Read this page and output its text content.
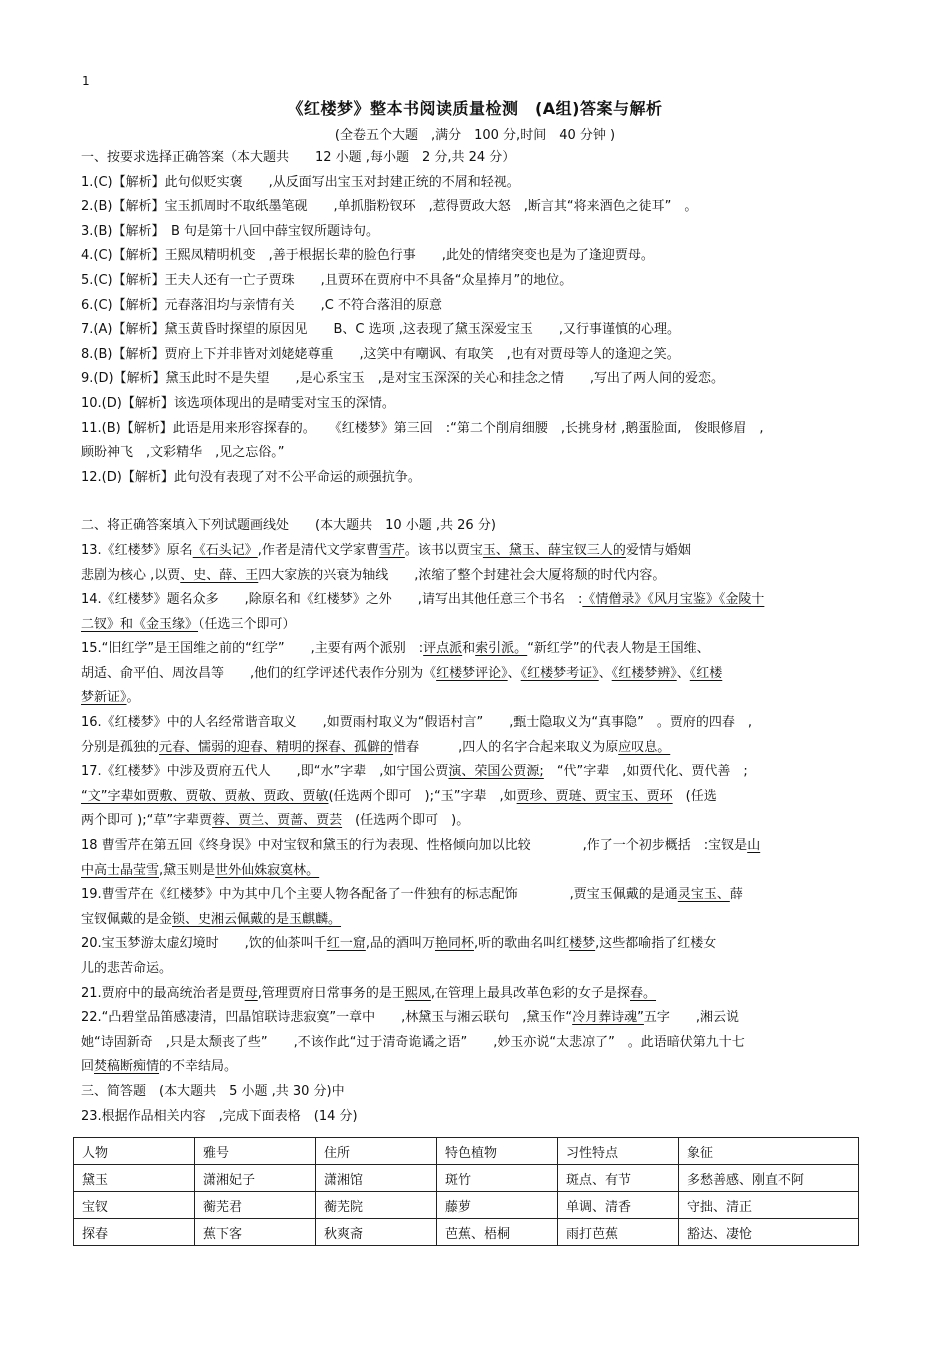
1
《红楼梦》整本书阅读质量检测　(A组)答案与解析
(全卷五个大题　,满分　100 分,时间　40 分钟 )
一、按要求选择正确答案（本大题共　　12 小题 ,每小题　2 分,共 24 分）
1.(C)【解析】此句似贬实褒　　,从反面写出宝玉对封建正统的不屑和轻视。
2.(B)【解析】宝玉抓周时不取纸墨笔砚　　,单抓脂粉钗环　,惹得贾政大怒　,断言其“将来酒色之徒耳”　。
3.(B)【解析】　B 句是第十八回中薛宝钗所题诗句。
4.(C)【解析】王熙凤精明机变　,善于根据长辈的脸色行事　　,此处的情绪突变也是为了逢迎贾母。
5.(C)【解析】王夫人还有一亡子贾珠　　,且贾环在贾府中不具备“众星捧月”的地位。
6.(C)【解析】元春落泪均与亲情有关　　,C 不符合落泪的原意
7.(A)【解析】黛玉黄昏时探望的原因见　　B、C 选项 ,这表现了黛玉深爱宝玉　　,又行事谨慎的心理。
8.(B)【解析】贾府上下并非皆对刘姥姥尊重　　,这笑中有嘲讽、有取笑　,也有对贾母等人的逢迎之笑。
9.(D)【解析】黛玉此时不是失望　　,是心系宝玉　,是对宝玉深深的关心和挂念之情　　,写出了两人间的爱恋。
10.(D)【解析】该选项体现出的是晴雯对宝玉的深情。
11.(B)【解析】此语是用来形容探春的。　　《红楼梦》第三回　:“第二个削肩细腰　,长挑身材 ,鹅蛋脸面,　俊眼修眉　,
顾盼神飞　,文彩精华　,见之忘俗。”
12.(D)【解析】此句没有表现了对不公平命运的顽强抗争。
二、将正确答案填入下列试题画线处　　(本大题共　10 小题 ,共 26 分)
13.《红楼梦》原名《石头记》,作者是清代文学家曹雪芹。该书以贾宝玉、黛玉、薛宝钗三人的爱情与婚姻
悲剧为核心 ,以贾、史、薛、王四大家族的兴衰为轴线　　,浓缩了整个封建社会大厦将颓的时代内容。
14.《红楼梦》题名众多　　,除原名和《红楼梦》之外　　,请写出其他任意三个书名　:《情僧录》《风月宝鉴》《金陵十
二钗》和《金玉缘》（任选三个即可）
15.“旧红学”是王国维之前的“红学”　　,主要有两个派别　:评点派和索引派。“新红学”的代表人物是王国维、
胡适、俞平伯、周汝昌等　　,他们的红学评述代表作分别为《红楼梦评论》、《红楼梦考证》、《红楼梦辨》、《红楼
梦新证》。
16.《红楼梦》中的人名经常谐音取义　　,如贾雨村取义为“假语村言”　　,甄士隐取义为“真事隐”　。贾府的四春　,
分别是孤独的元春、懦弱的迎春、精明的探春、孤僻的惜春　　　,四人的名字合起来取义为原应叹息。
17.《红楼梦》中涉及贾府五代人　　,即“水”字辈　,如宁国公贾演、荣国公贾源;　“代”字辈　,如贾代化、贾代善　;
“文”字辈如贾敷、贾敬、贾赦、贾政、贾敏(任选两个即可　);“玉”字辈　,如贾珍、贾琏、贾宝玉、贾环　(任选
两个即可 );“草”字辈贾蓉、贾兰、贾蔷、贾芸　(任选两个即可　)。
18 曹雪芹在第五回《终身误》中对宝钗和黛玉的行为表现、性格倾向加以比较　　　　,作了一个初步概括　:宝钗是山
中高士晶莹雪,黛玉则是世外仙姝寂寞林。
19.曹雪芹在《红楼梦》中为其中几个主要人物各配备了一件独有的标志配饰　　　　,贾宝玉佩戴的是通灵宝玉、薛
宝钗佩戴的是金锁、史湘云佩戴的是玉麒麟。
20.宝玉梦游太虚幻境时　　,饮的仙茶叫千红一窟,品的酒叫万艳同杯,听的歌曲名叫红楼梦,这些都喻指了红楼女
儿的悲苦命运。
21.贾府中的最高统治者是贾母,管理贾府日常事务的是王熙凤,在管理上最具改革色彩的女子是探春。
22.“凸碧堂品笛感凄清，凹晶馆联诗悲寂寞”一章中　　,林黛玉与湘云联句　,黛玉作“冷月葬诗魂”五字　　,湘云说
她“诗固新奇　,只是太颓丧了些”　　,不该作此“过于清奇诡谲之语”　　,妙玉亦说“太悲凉了”　。此语暗伏第九十七
回焚稿断痴情的不幸结局。
三、简答题　(本大题共　5 小题 ,共 30 分)中
23.根据作品相关内容　,完成下面表格　(14 分)
人物	雅号	住所	特色植物	习性特点	象征
黛玉	潇湘妃子	潇湘馆	斑竹	斑点、有节	多愁善感、刚直不阿
宝钗	蘅芜君	蘅芜院	藤萝	单调、清香	守拙、清正
探春	蕉下客	秋爽斋	芭蕉、梧桐	雨打芭蕉	豁达、凄怆
